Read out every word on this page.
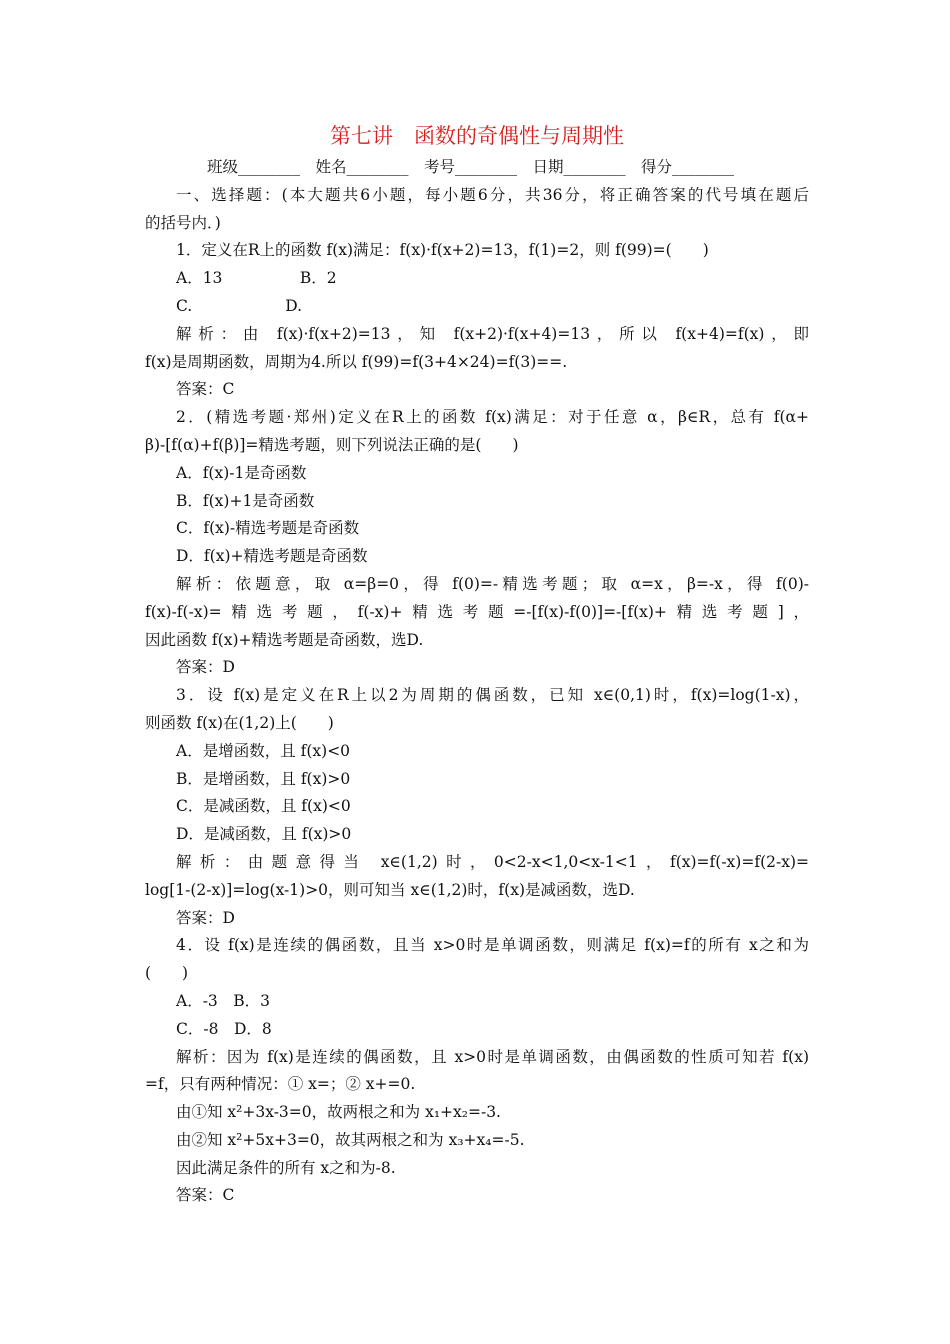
第七讲　函数的奇偶性与周期性
班级________　姓名________　考号________　日期________　得分________
一、选择题：(本大题共6小题，每小题6分，共36分，将正确答案的代号填在题后
的括号内．)
1．定义在R上的函数 f(x)满足：f(x)·f(x+2)=13，f(1)=2，则 f(99)=(　　)
A．13　　　　　B．2
C.　　　　　　D.
解析：由 f(x)·f(x+2)=13，知 f(x+2)·f(x+4)=13，所以 f(x+4)=f(x)，即
f(x)是周期函数，周期为4.所以 f(99)=f(3+4×24)=f(3)==.
答案：C
2．(精选考题·郑州)定义在R上的函数 f(x)满足：对于任意 α，β∈R，总有 f(α+
β)-[f(α)+f(β)]=精选考题，则下列说法正确的是(　　)
A．f(x)-1是奇函数
B．f(x)+1是奇函数
C．f(x)-精选考题是奇函数
D．f(x)+精选考题是奇函数
解析：依题意，取 α=β=0，得 f(0)=-精选考题；取 α=x，β=-x，得 f(0)-
f(x)-f(-x)=精选考题，f(-x)+精选考题=-[f(x)-f(0)]=-[f(x)+精选考题]，
因此函数 f(x)+精选考题是奇函数，选D.
答案：D
3．设 f(x)是定义在R上以2为周期的偶函数，已知 x∈(0,1)时，f(x)=log(1-x)，
则函数 f(x)在(1,2)上(　　)
A．是增函数，且 f(x)<0
B．是增函数，且 f(x)>0
C．是减函数，且 f(x)<0
D．是减函数，且 f(x)>0
解析：由题意得当 x∈(1,2)时，0<2-x<1,0<x-1<1，f(x)=f(-x)=f(2-x)=
log[1-(2-x)]=log(x-1)>0，则可知当 x∈(1,2)时，f(x)是减函数，选D.
答案：D
4．设 f(x)是连续的偶函数，且当 x>0时是单调函数，则满足 f(x)=f的所有 x之和为
(　　)
A．-3　B．3
C．-8　D．8
解析：因为 f(x)是连续的偶函数，且 x>0时是单调函数，由偶函数的性质可知若 f(x)
=f，只有两种情况：① x=；② x+=0.
由①知 x²+3x-3=0，故两根之和为 x₁+x₂=-3.
由②知 x²+5x+3=0，故其两根之和为 x₃+x₄=-5.
因此满足条件的所有 x之和为-8.
答案：C
